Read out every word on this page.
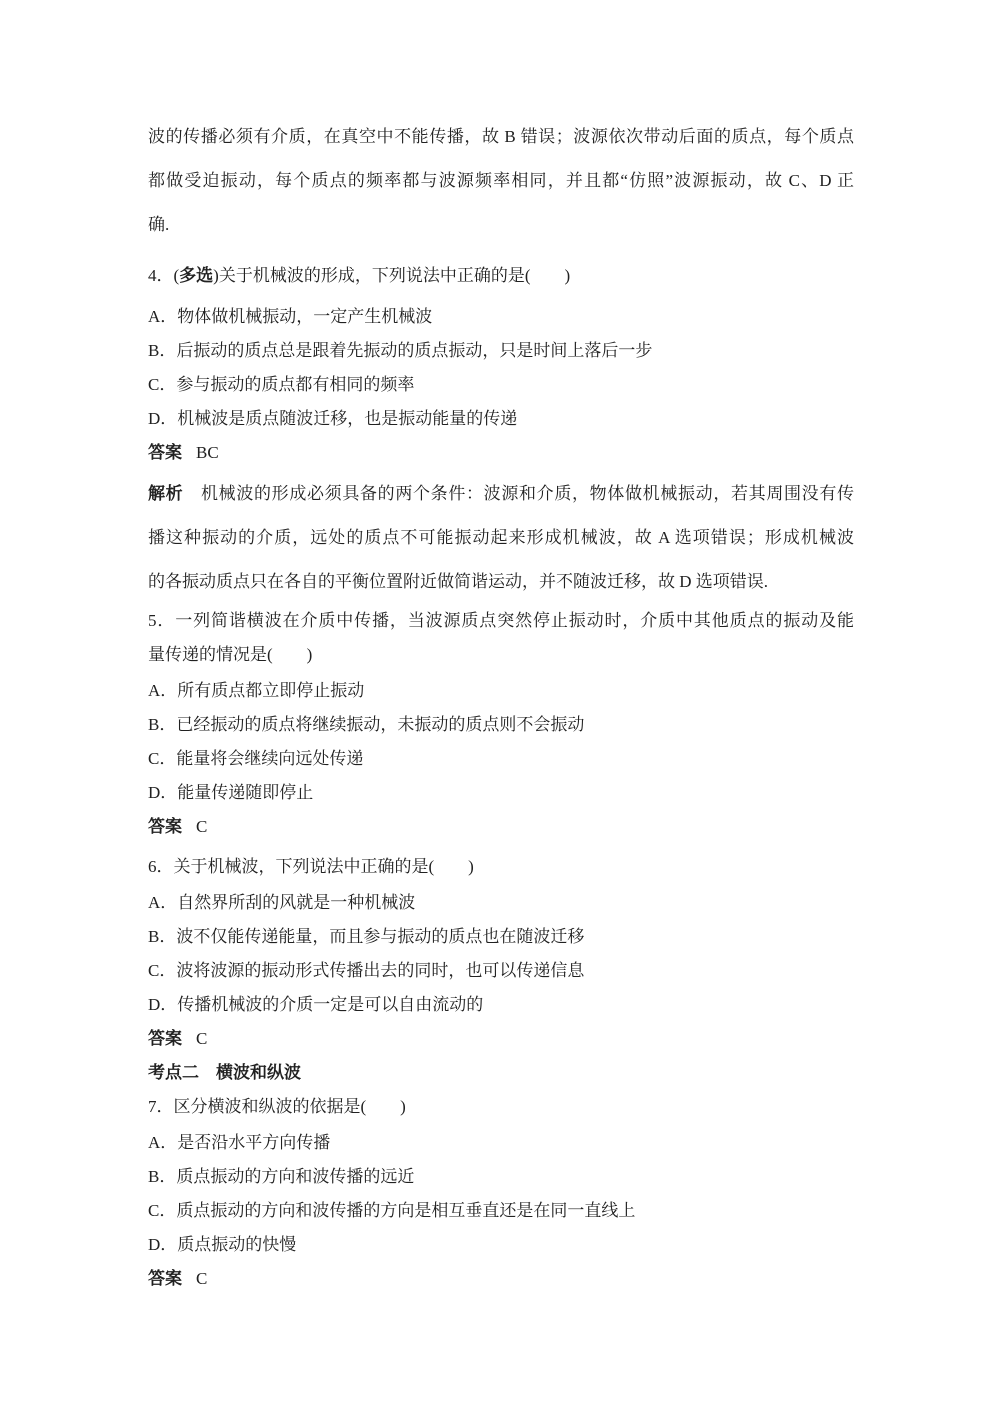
波的传播必须有介质，在真空中不能传播，故 B 错误；波源依次带动后面的质点，每个质点
都做受迫振动，每个质点的频率都与波源频率相同，并且都“仿照”波源振动，故 C、D 正
确.
4．(多选)关于机械波的形成，下列说法中正确的是(　　)
A．物体做机械振动，一定产生机械波
B．后振动的质点总是跟着先振动的质点振动，只是时间上落后一步
C．参与振动的质点都有相同的频率
D．机械波是质点随波迁移，也是振动能量的传递
答案 BC
解析　机械波的形成必须具备的两个条件：波源和介质，物体做机械振动，若其周围没有传
播这种振动的介质，远处的质点不可能振动起来形成机械波，故 A 选项错误；形成机械波
的各振动质点只在各自的平衡位置附近做简谐运动，并不随波迁移，故 D 选项错误.
5．一列简谐横波在介质中传播，当波源质点突然停止振动时，介质中其他质点的振动及能
量传递的情况是(　　)
A．所有质点都立即停止振动
B．已经振动的质点将继续振动，未振动的质点则不会振动
C．能量将会继续向远处传递
D．能量传递随即停止
答案 C
6．关于机械波，下列说法中正确的是(　　)
A．自然界所刮的风就是一种机械波
B．波不仅能传递能量，而且参与振动的质点也在随波迁移
C．波将波源的振动形式传播出去的同时，也可以传递信息
D．传播机械波的介质一定是可以自由流动的
答案 C
考点二　横波和纵波
7．区分横波和纵波的依据是(　　)
A．是否沿水平方向传播
B．质点振动的方向和波传播的远近
C．质点振动的方向和波传播的方向是相互垂直还是在同一直线上
D．质点振动的快慢
答案 C
